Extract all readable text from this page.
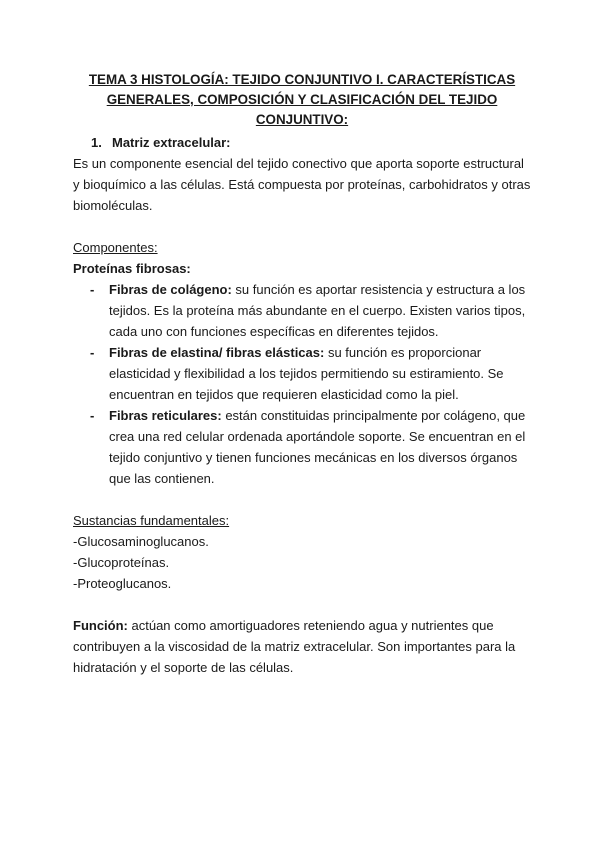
TEMA 3 HISTOLOGÍA: TEJIDO CONJUNTIVO I. CARACTERÍSTICAS
GENERALES, COMPOSICIÓN Y CLASIFICACIÓN DEL TEJIDO
CONJUNTIVO:
1. Matriz extracelular:

Es un componente esencial del tejido conectivo que aporta soporte estructural y bioquímico a las células. Está compuesta por proteínas, carbohidratos y otras biomoléculas.

Componentes:

Proteínas fibrosas:

- Fibras de colágeno: su función es aportar resistencia y estructura a los tejidos. Es la proteína más abundante en el cuerpo. Existen varios tipos, cada uno con funciones específicas en diferentes tejidos.
- Fibras de elastina/ fibras elásticas: su función es proporcionar elasticidad y flexibilidad a los tejidos permitiendo su estiramiento. Se encuentran en tejidos que requieren elasticidad como la piel.
- Fibras reticulares: están constituidas principalmente por colágeno, que crea una red celular ordenada aportándole soporte. Se encuentran en el tejido conjuntivo y tienen funciones mecánicas en los diversos órganos que las contienen.

Sustancias fundamentales:

-Glucosaminoglucanos.

-Glucoproteínas.

-Proteoglucanos.

Función: actúan como amortiguadores reteniendo agua y nutrientes que contribuyen a la viscosidad de la matriz extracelular. Son importantes para la hidratación y el soporte de las células.
